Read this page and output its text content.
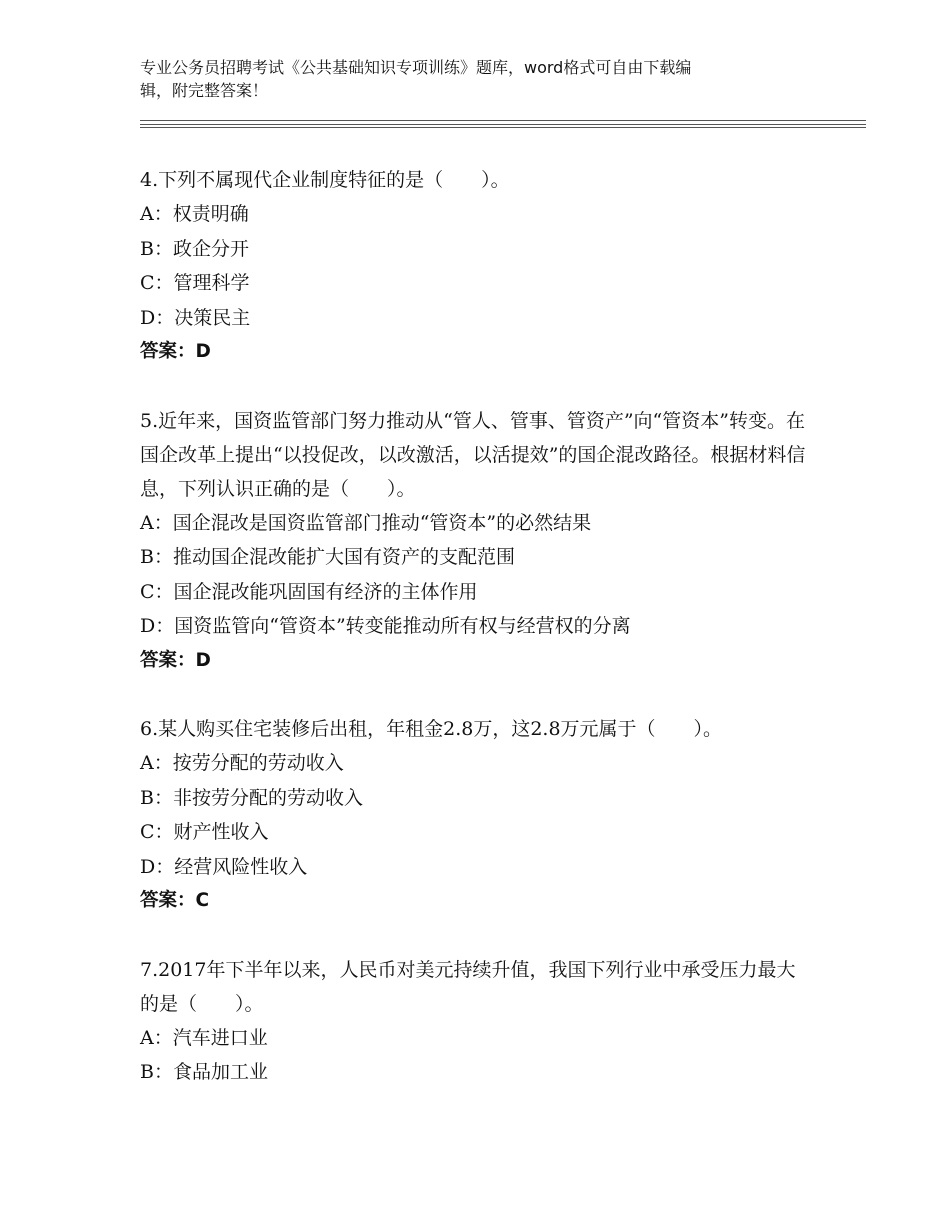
专业公务员招聘考试《公共基础知识专项训练》题库，word格式可自由下载编
辑，附完整答案！
4.下列不属现代企业制度特征的是（　　）。
A：权责明确
B：政企分开
C：管理科学
D：决策民主
答案：D
5.近年来，国资监管部门努力推动从“管人、管事、管资产”向“管资本”转变。在国企改革上提出“以投促改，以改激活，以活提效”的国企混改路径。根据材料信息，下列认识正确的是（　　）。
A：国企混改是国资监管部门推动“管资本”的必然结果
B：推动国企混改能扩大国有资产的支配范围
C：国企混改能巩固国有经济的主体作用
D：国资监管向“管资本”转变能推动所有权与经营权的分离
答案：D
6.某人购买住宅装修后出租，年租金2.8万，这2.8万元属于（　　）。
A：按劳分配的劳动收入
B：非按劳分配的劳动收入
C：财产性收入
D：经营风险性收入
答案：C
7.2017年下半年以来，人民币对美元持续升值，我国下列行业中承受压力最大的是（　　）。
A：汽车进口业
B：食品加工业
